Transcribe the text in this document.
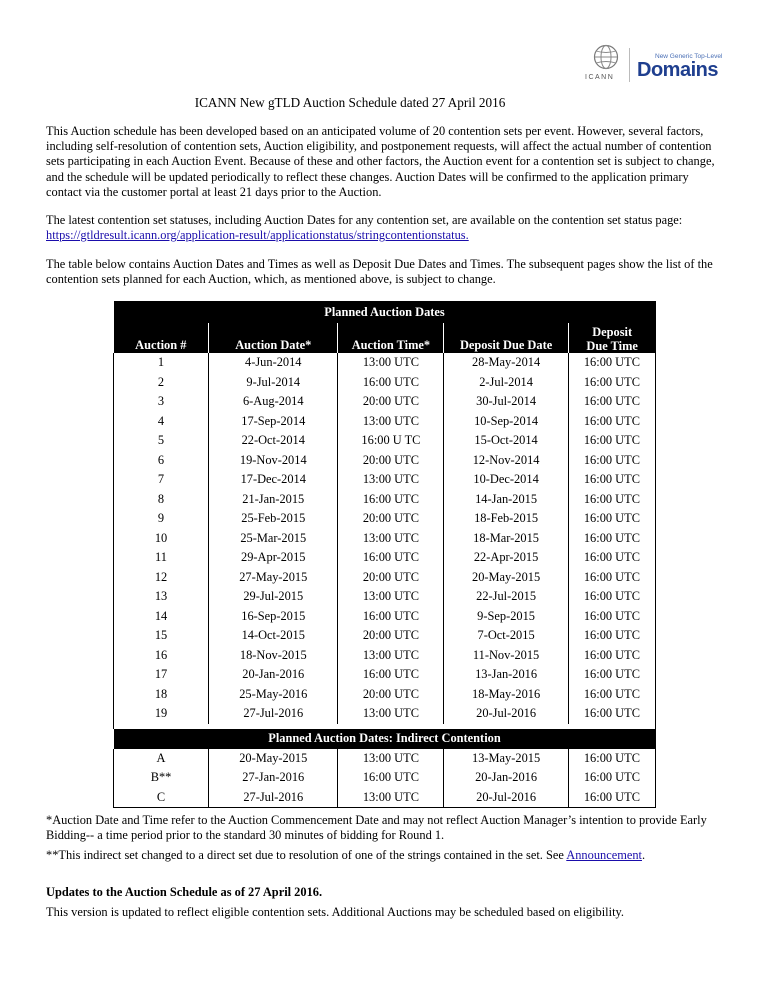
ICANN
New Generic Top-Level
Domains
ICANN New gTLD Auction Schedule dated 27 April 2016

This Auction schedule has been developed based on an anticipated volume of 20 contention sets per event. However, several factors, including self-resolution of contention sets, Auction eligibility, and postponement requests, will affect the actual number of contention sets participating in each Auction Event. Because of these and other factors, the Auction event for a contention set is subject to change, and the schedule will be updated periodically to reflect these changes. Auction Dates will be confirmed to the application primary contact via the customer portal at least 21 days prior to the Auction.

The latest contention set statuses, including Auction Dates for any contention set, are available on the contention set status page: https://gtldresult.icann.org/application-result/applicationstatus/stringcontentionstatus.

The table below contains Auction Dates and Times as well as Deposit Due Dates and Times. The subsequent pages show the list of the contention sets planned for each Auction, which, as mentioned above, is subject to change.

Planned Auction Dates				
Auction #	Auction Date*	Auction Time*	Deposit Due Date	Deposit
Due Time
1	4-Jun-2014	13:00 UTC	28-May-2014	16:00 UTC
2	9-Jul-2014	16:00 UTC	2-Jul-2014	16:00 UTC
3	6-Aug-2014	20:00 UTC	30-Jul-2014	16:00 UTC
4	17-Sep-2014	13:00 UTC	10-Sep-2014	16:00 UTC
5	22-Oct-2014	16:00 U TC	15-Oct-2014	16:00 UTC
6	19-Nov-2014	20:00 UTC	12-Nov-2014	16:00 UTC
7	17-Dec-2014	13:00 UTC	10-Dec-2014	16:00 UTC
8	21-Jan-2015	16:00 UTC	14-Jan-2015	16:00 UTC
9	25-Feb-2015	20:00 UTC	18-Feb-2015	16:00 UTC
10	25-Mar-2015	13:00 UTC	18-Mar-2015	16:00 UTC
11	29-Apr-2015	16:00 UTC	22-Apr-2015	16:00 UTC
12	27-May-2015	20:00 UTC	20-May-2015	16:00 UTC
13	29-Jul-2015	13:00 UTC	22-Jul-2015	16:00 UTC
14	16-Sep-2015	16:00 UTC	9-Sep-2015	16:00 UTC
15	14-Oct-2015	20:00 UTC	7-Oct-2015	16:00 UTC
16	18-Nov-2015	13:00 UTC	11-Nov-2015	16:00 UTC
17	20-Jan-2016	16:00 UTC	13-Jan-2016	16:00 UTC
18	25-May-2016	20:00 UTC	18-May-2016	16:00 UTC
19	27-Jul-2016	13:00 UTC	20-Jul-2016	16:00 UTC

Planned Auction Dates: Indirect Contention				
A	20-May-2015	13:00 UTC	13-May-2015	16:00 UTC
B**	27-Jan-2016	16:00 UTC	20-Jan-2016	16:00 UTC
C	27-Jul-2016	13:00 UTC	20-Jul-2016	16:00 UTC

*Auction Date and Time refer to the Auction Commencement Date and may not reflect Auction Manager’s intention to provide Early Bidding-- a time period prior to the standard 30 minutes of bidding for Round 1.

**This indirect set changed to a direct set due to resolution of one of the strings contained in the set. See Announcement.

Updates to the Auction Schedule as of 27 April 2016.
This version is updated to reflect eligible contention sets. Additional Auctions may be scheduled based on eligibility.
